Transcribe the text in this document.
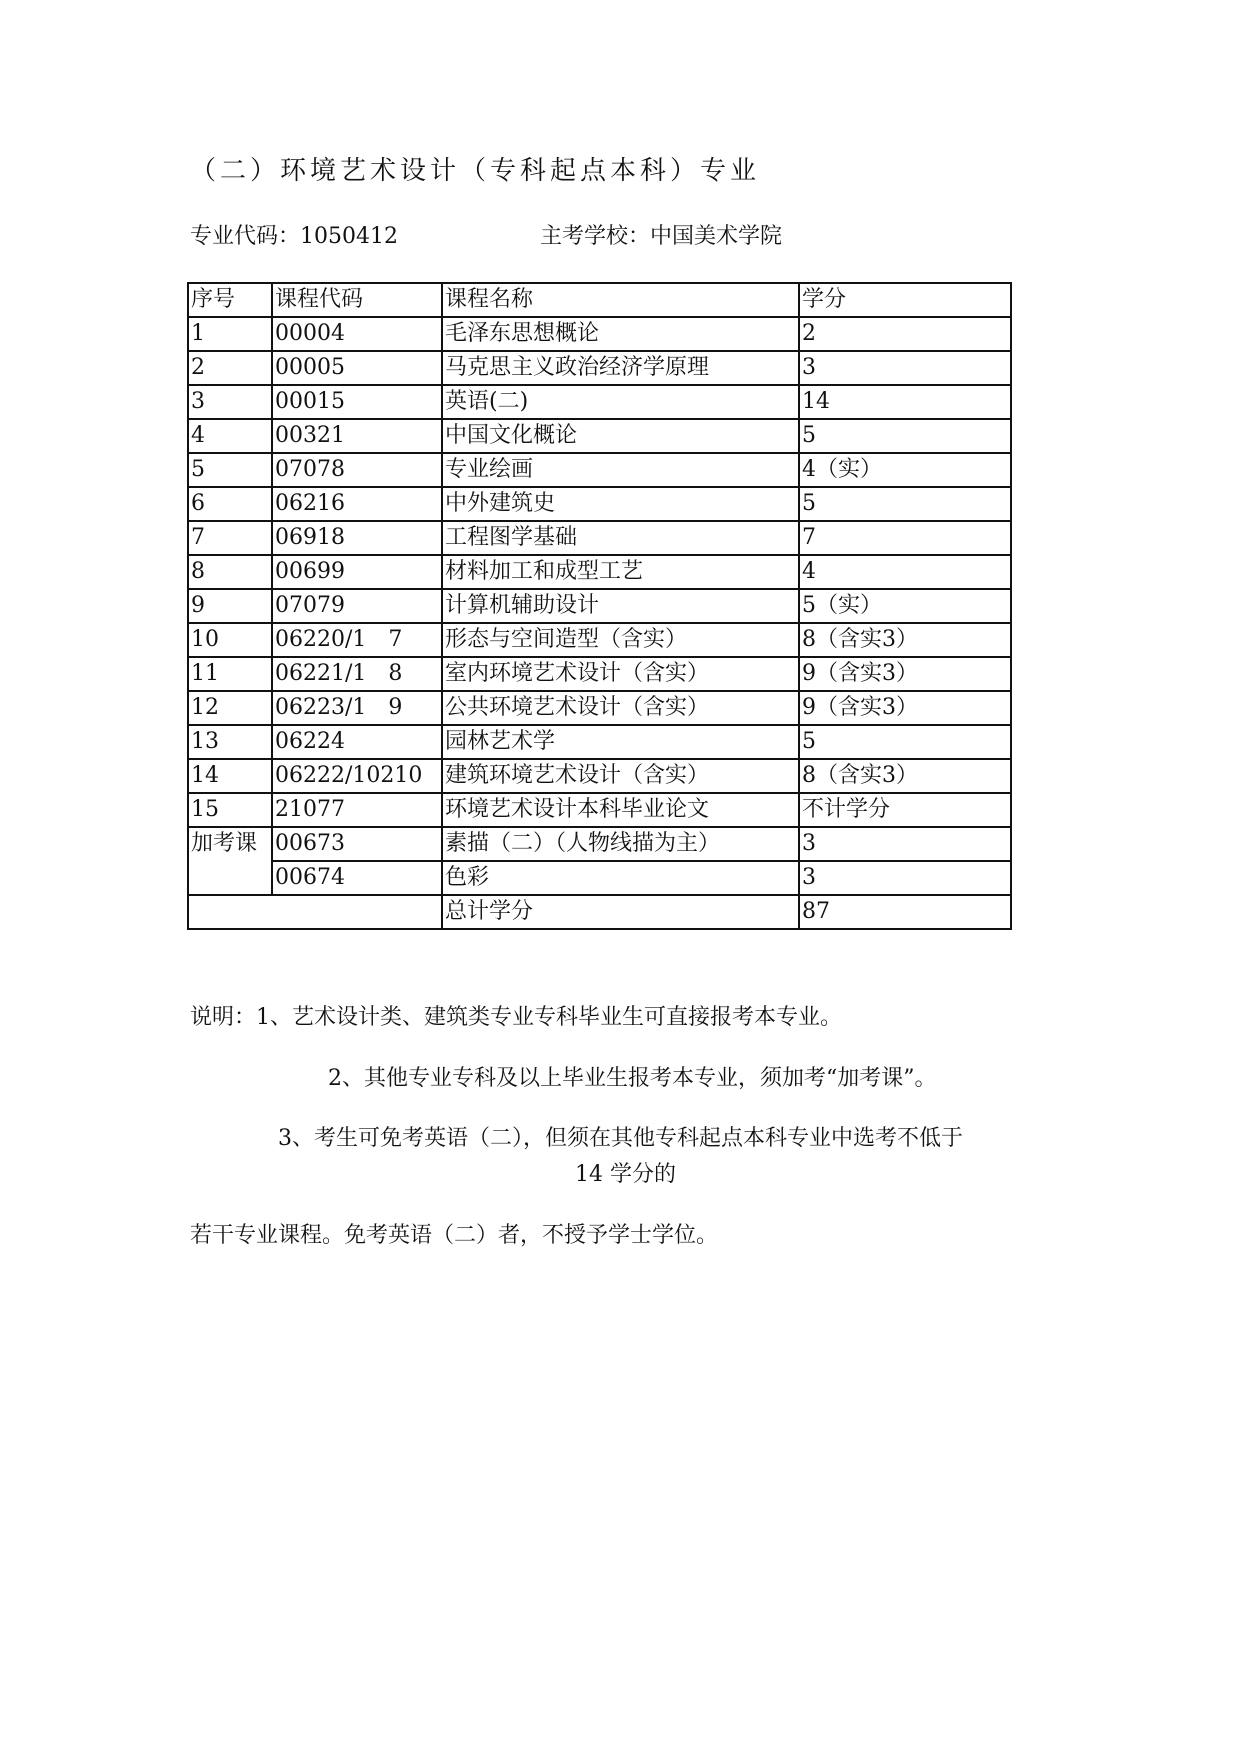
（二）环境艺术设计（专科起点本科）专业
专业代码：1050412	主考学校：中国美术学院
序号	课程代码	课程名称	学分
1	00004	毛泽东思想概论	2
2	00005	马克思主义政治经济学原理	3
3	00015	英语(二)	14
4	00321	中国文化概论	5
5	07078	专业绘画	4（实）
6	06216	中外建筑史	5
7	06918	工程图学基础	7
8	00699	材料加工和成型工艺	4
9	07079	计算机辅助设计	5（实）
10	06220/1　7	形态与空间造型（含实）	8（含实3）
11	06221/1　8	室内环境艺术设计（含实）	9（含实3）
12	06223/1　9	公共环境艺术设计（含实）	9（含实3）
13	06224	园林艺术学	5
14	06222/10210	建筑环境艺术设计（含实）	8（含实3）
15	21077	环境艺术设计本科毕业论文	不计学分
加考课	00673	素描（二）（人物线描为主）	3
	00674	色彩	3
		总计学分	87
说明：1、艺术设计类、建筑类专业专科毕业生可直接报考本专业。
2、其他专业专科及以上毕业生报考本专业，须加考“加考课”。
3、考生可免考英语（二），但须在其他专科起点本科专业中选考不低于
14 学分的
若干专业课程。免考英语（二）者，不授予学士学位。
